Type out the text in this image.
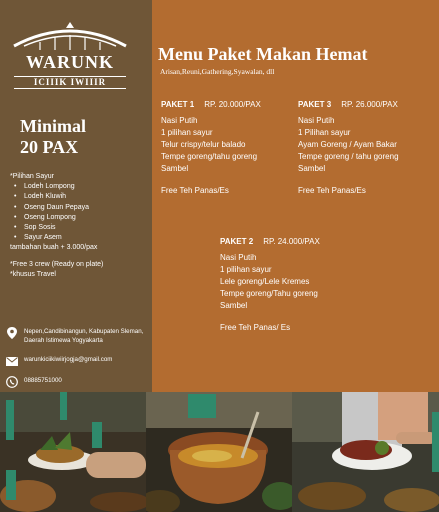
WARUNK
ICIIIK IWIIIR
Minimal
20 PAX
*Pilihan Sayur
• Lodeh Lompong
• Lodeh Kluwih
• Oseng Daun Pepaya
• Oseng Lompong
• Sop Sosis
• Sayur Asem
tambahan buah + 3.000/pax
*Free 3 crew (Ready on plate)
*khusus Travel
Nepen,Candibinangun, Kabupaten Sleman, Daerah Istimewa Yogyakarta
warunkiciikiwiirjogja@gmail.com
08885751000
Menu Paket Makan Hemat
Arisan,Reuni,Gathering,Syawalan, dll
PAKET 1 RP. 20.000/PAX
Nasi Putih
1 pilihan sayur
Telur crispy/telur balado
Tempe goreng/tahu goreng
Sambel
Free Teh Panas/Es
PAKET 3 RP. 26.000/PAX
Nasi Putih
1 Pilihan sayur
Ayam Goreng / Ayam Bakar
Tempe goreng / tahu goreng
Sambel
Free Teh Panas/Es
PAKET 2 RP. 24.000/PAX
Nasi Putih
1 pilihan sayur
Lele goreng/Lele Kremes
Tempe goreng/Tahu goreng
Sambel
Free Teh Panas/ Es
